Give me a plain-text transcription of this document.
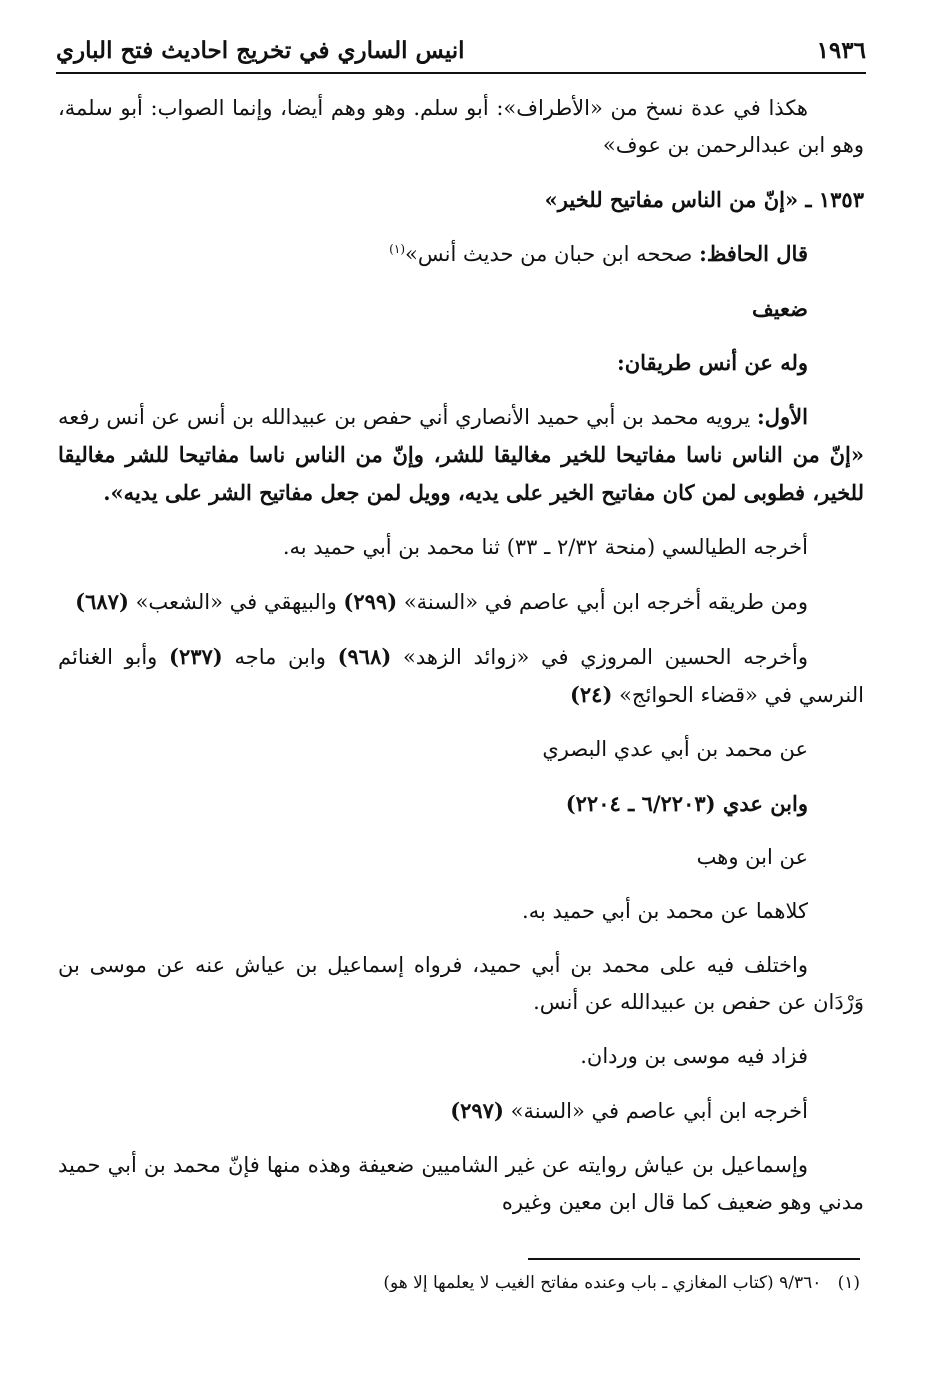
١٩٣٦
انيس الساري في تخريج احاديث فتح الباري

هكذا في عدة نسخ من «الأطراف»: أبو سلم. وهو وهم أيضا، وإنما الصواب: أبو سلمة، وهو ابن عبدالرحمن بن عوف»

١٣٥٣ ـ «إنّ من الناس مفاتيح للخير»

قال الحافظ: صححه ابن حبان من حديث أنس»$^{(١)}$

ضعيف

وله عن أنس طريقان:

الأول: يرويه محمد بن أبي حميد الأنصاري أني حفص بن عبيدالله بن أنس عن أنس رفعه «إنّ من الناس ناسا مفاتيحا للخير مغاليقا للشر، وإنّ من الناس ناسا مفاتيحا للشر مغاليقا للخير، فطوبى لمن كان مفاتيح الخير على يديه، وويل لمن جعل مفاتيح الشر على يديه».

أخرجه الطيالسي (منحة ٢/٣٢ ـ ٣٣) ثنا محمد بن أبي حميد به.

ومن طريقه أخرجه ابن أبي عاصم في «السنة» (٢٩٩) والبيهقي في «الشعب» (٦٨٧)

وأخرجه الحسين المروزي في «زوائد الزهد» (٩٦٨) وابن ماجه (٢٣٧) وأبو الغنائم النرسي في «قضاء الحوائج» (٢٤)

عن محمد بن أبي عدي البصري

وابن عدي (٦/٢٢٠٣ ـ ٢٢٠٤)

عن ابن وهب

كلاهما عن محمد بن أبي حميد به.

واختلف فيه على محمد بن أبي حميد، فرواه إسماعيل بن عياش عنه عن موسى بن وَرْدَان عن حفص بن عبيدالله عن أنس.

فزاد فيه موسى بن وردان.

أخرجه ابن أبي عاصم في «السنة» (٢٩٧)

وإسماعيل بن عياش روايته عن غير الشاميين ضعيفة وهذه منها فإنّ محمد بن أبي حميد مدني وهو ضعيف كما قال ابن معين وغيره

(١)   ٩/٣٦٠ (كتاب المغازي ـ باب وعنده مفاتح الغيب لا يعلمها إلا هو)
